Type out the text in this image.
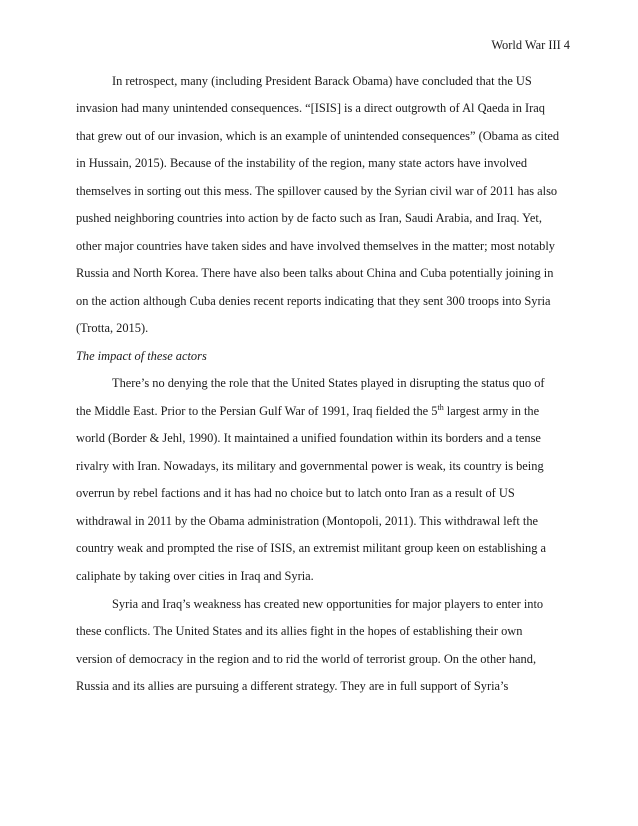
World War III 4
In retrospect, many (including President Barack Obama) have concluded that the US
invasion had many unintended consequences. “[ISIS] is a direct outgrowth of Al Qaeda in Iraq
that grew out of our invasion, which is an example of unintended consequences” (Obama as cited
in Hussain, 2015). Because of the instability of the region, many state actors have involved
themselves in sorting out this mess. The spillover caused by the Syrian civil war of 2011 has also
pushed neighboring countries into action by de facto such as Iran, Saudi Arabia, and Iraq. Yet,
other major countries have taken sides and have involved themselves in the matter; most notably
Russia and North Korea. There have also been talks about China and Cuba potentially joining in
on the action although Cuba denies recent reports indicating that they sent 300 troops into Syria
(Trotta, 2015).
The impact of these actors
There’s no denying the role that the United States played in disrupting the status quo of
the Middle East. Prior to the Persian Gulf War of 1991, Iraq fielded the 5th largest army in the
world (Border & Jehl, 1990). It maintained a unified foundation within its borders and a tense
rivalry with Iran. Nowadays, its military and governmental power is weak, its country is being
overrun by rebel factions and it has had no choice but to latch onto Iran as a result of US
withdrawal in 2011 by the Obama administration (Montopoli, 2011). This withdrawal left the
country weak and prompted the rise of ISIS, an extremist militant group keen on establishing a
caliphate by taking over cities in Iraq and Syria.
Syria and Iraq’s weakness has created new opportunities for major players to enter into
these conflicts. The United States and its allies fight in the hopes of establishing their own
version of democracy in the region and to rid the world of terrorist group. On the other hand,
Russia and its allies are pursuing a different strategy. They are in full support of Syria’s
